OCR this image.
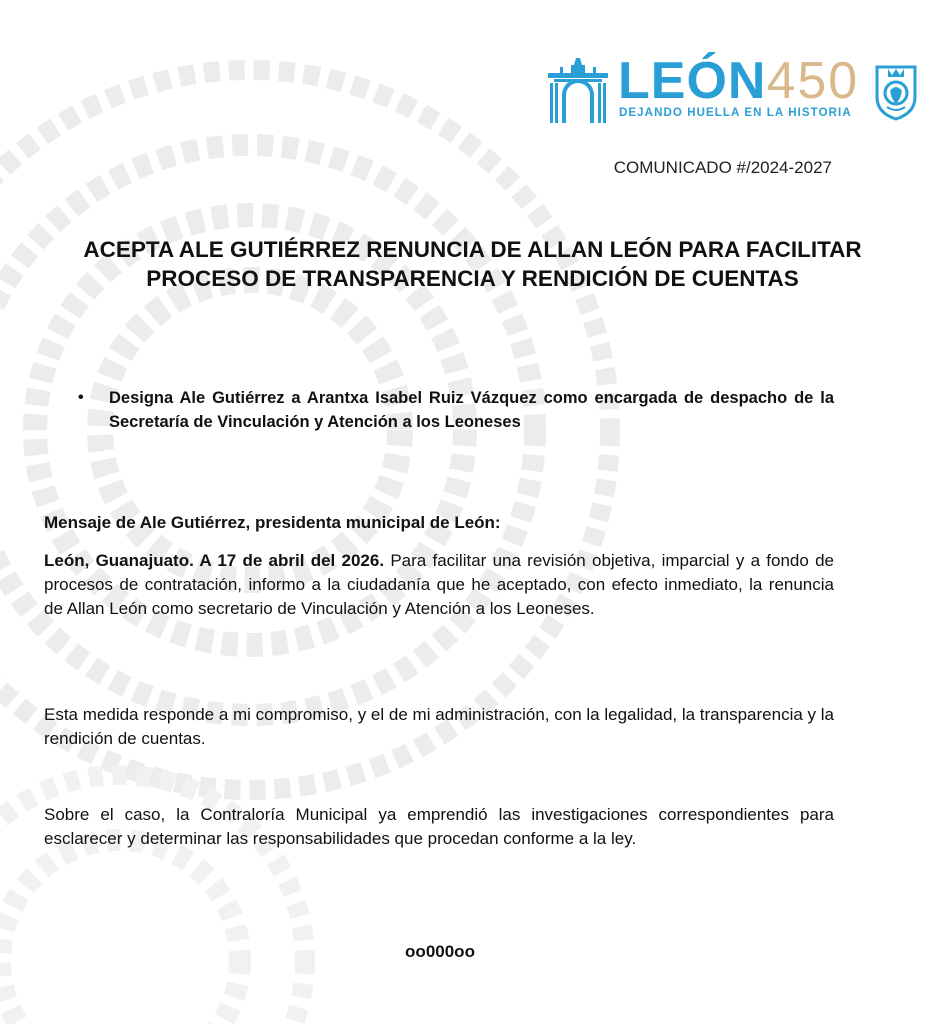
LEÓN450
DEJANDO HUELLA EN LA HISTORIA
COMUNICADO #/2024-2027
ACEPTA ALE GUTIÉRREZ RENUNCIA DE ALLAN LEÓN PARA FACILITAR PROCESO DE TRANSPARENCIA Y RENDICIÓN DE CUENTAS
• Designa Ale Gutiérrez a Arantxa Isabel Ruiz Vázquez como encargada de despacho de la Secretaría de Vinculación y Atención a los Leoneses

Mensaje de Ale Gutiérrez, presidenta municipal de León:

León, Guanajuato. A 17 de abril del 2026. Para facilitar una revisión objetiva, imparcial y a fondo de procesos de contratación, informo a la ciudadanía que he aceptado, con efecto inmediato, la renuncia de Allan León como secretario de Vinculación y Atención a los Leoneses.

Esta medida responde a mi compromiso, y el de mi administración, con la legalidad, la transparencia y la rendición de cuentas.

Sobre el caso, la Contraloría Municipal ya emprendió las investigaciones correspondientes para esclarecer y determinar las responsabilidades que procedan conforme a la ley.

oo000oo
